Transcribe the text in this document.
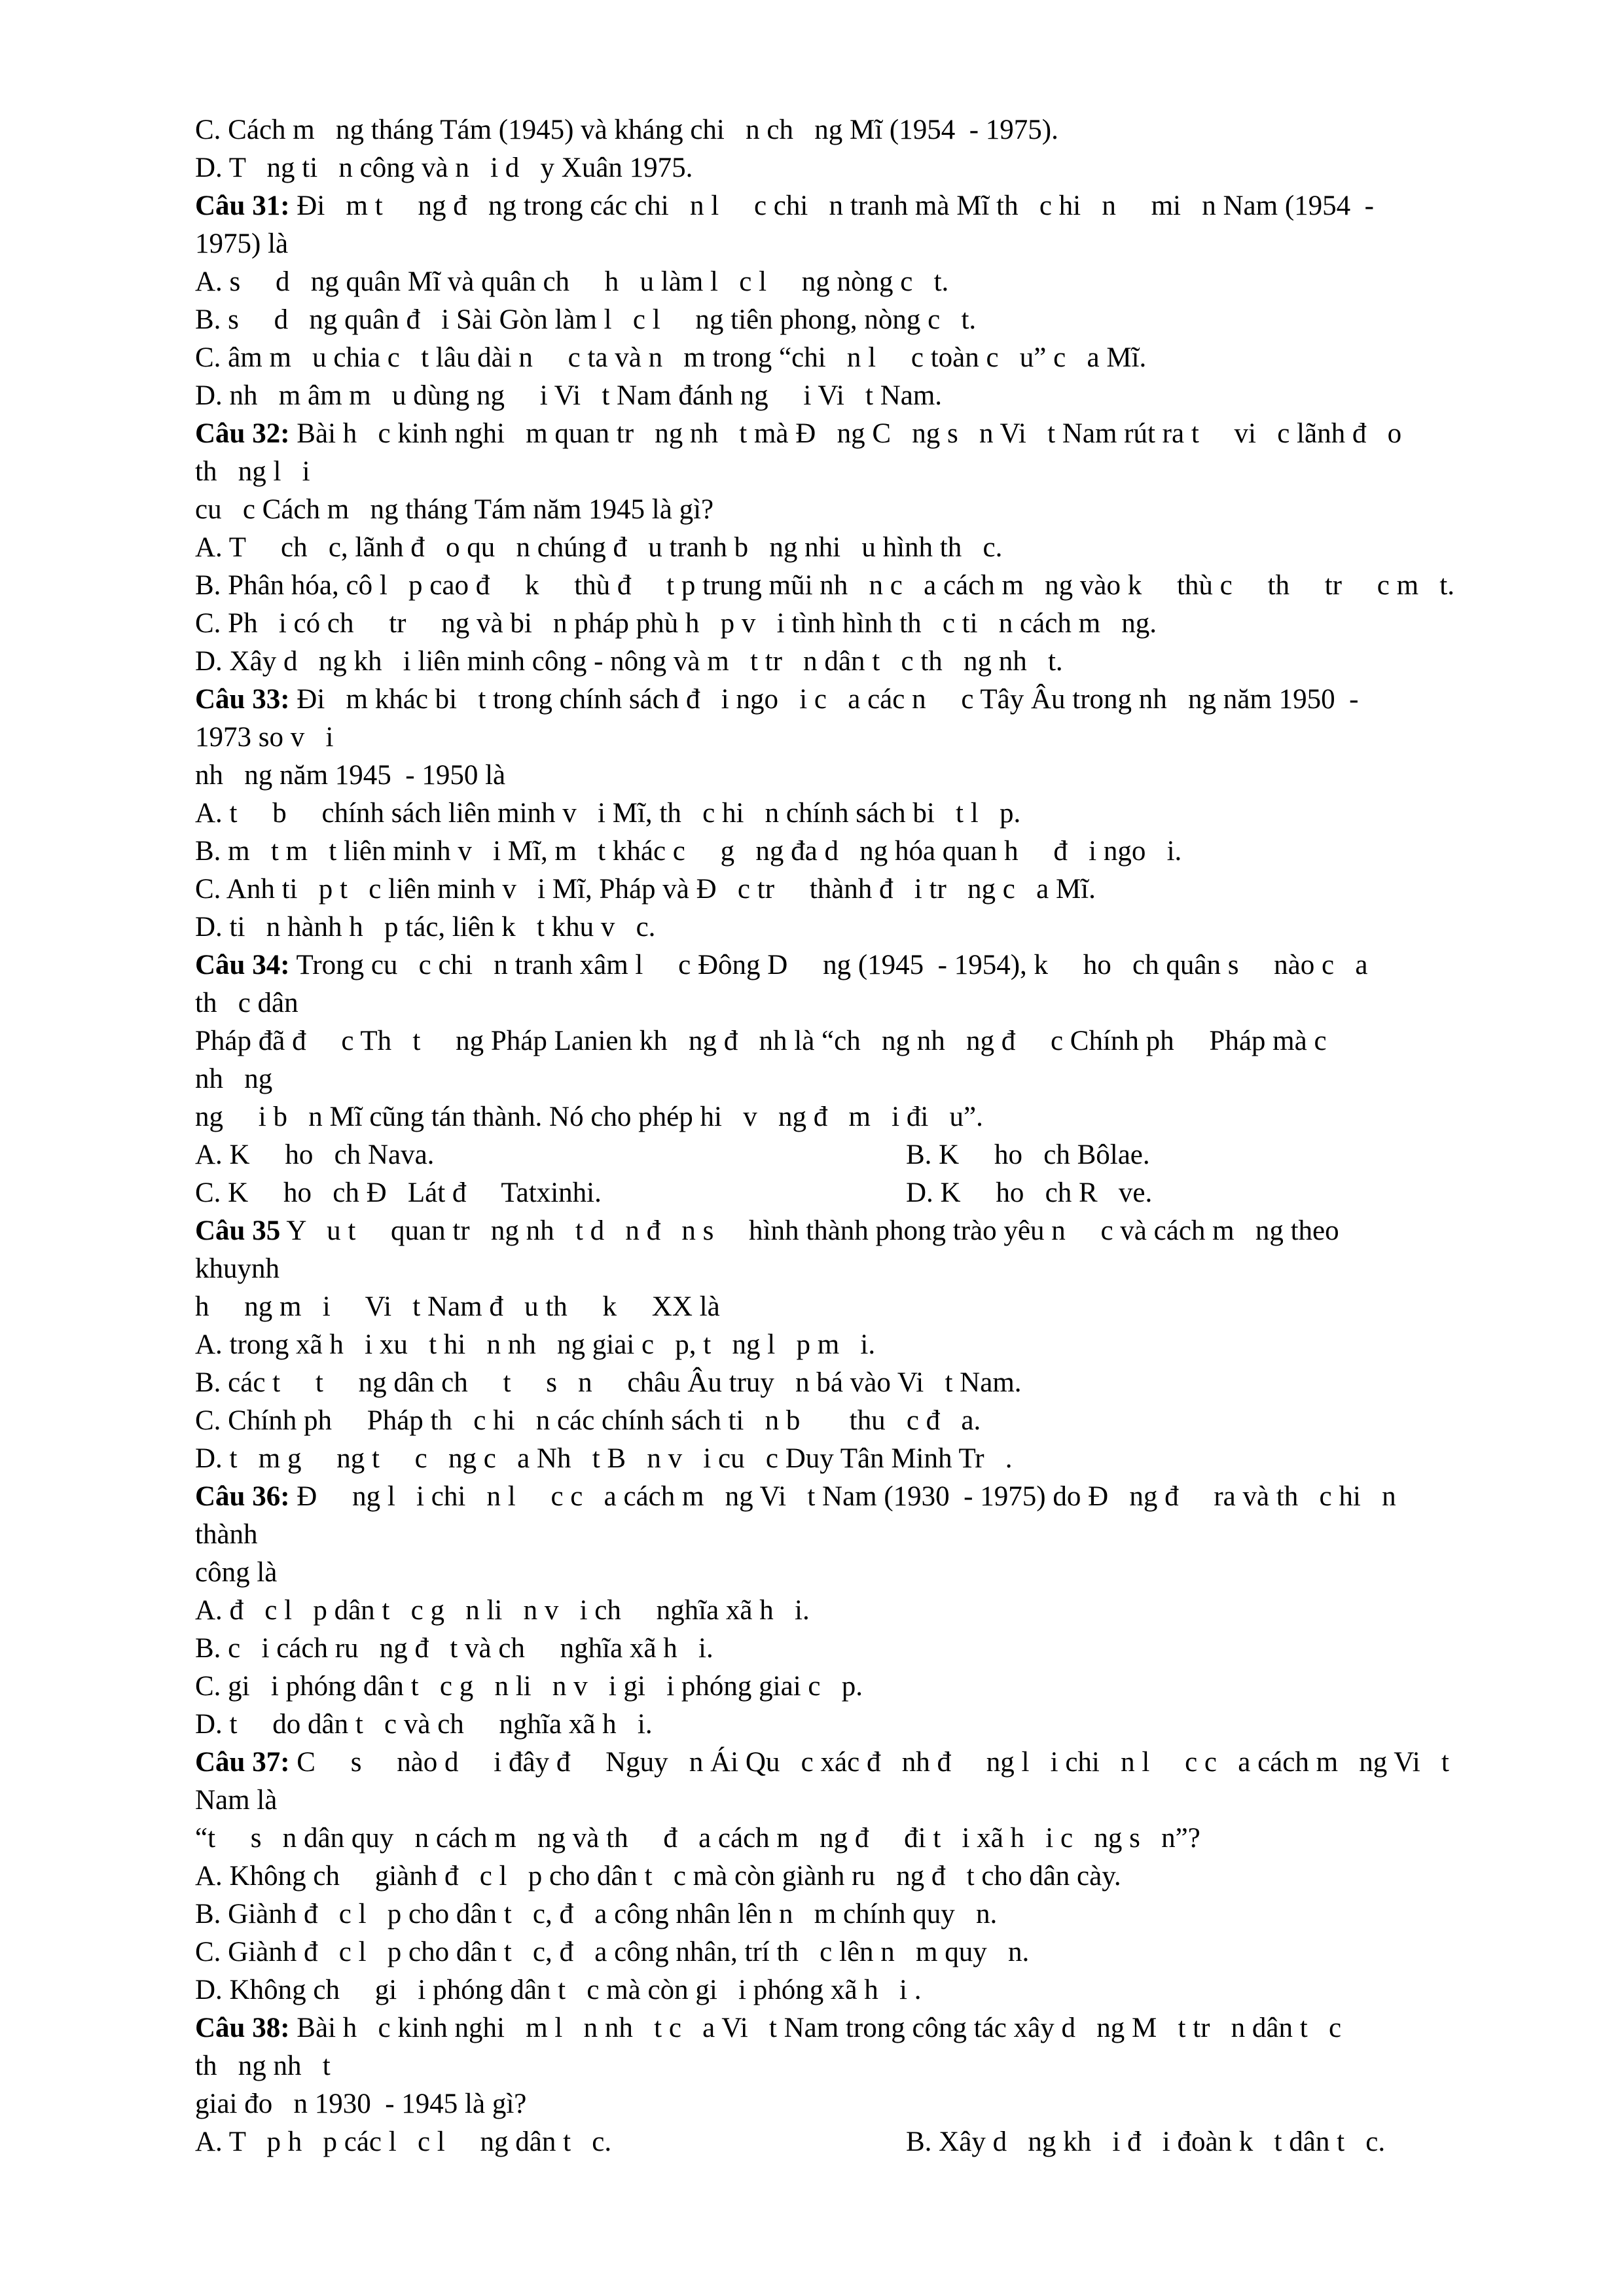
C. Cách m   ng tháng Tám (1945) và kháng chi   n ch   ng Mĩ (1954  - 1975).
D. T   ng ti   n công và n   i d   y Xuân 1975.
Câu 31: Đi   m t     ng đ   ng trong các chi   n l     c chi   n tranh mà Mĩ th   c hi   n     mi   n Nam (1954  -
1975) là
A. s     d   ng quân Mĩ và quân ch     h   u làm l   c l     ng nòng c   t.
B. s     d   ng quân đ   i Sài Gòn làm l   c l     ng tiên phong, nòng c   t.
C. âm m   u chia c   t lâu dài n     c ta và n   m trong “chi   n l     c toàn c   u” c   a Mĩ.
D. nh   m âm m   u dùng ng     i Vi   t Nam đánh ng     i Vi   t Nam.
Câu 32: Bài h   c kinh nghi   m quan tr   ng nh   t mà Đ   ng C   ng s   n Vi   t Nam rút ra t     vi   c lãnh đ   o
th   ng l   i
cu   c Cách m   ng tháng Tám năm 1945 là gì?
A. T     ch   c, lãnh đ   o qu   n chúng đ   u tranh b   ng nhi   u hình th   c.
B. Phân hóa, cô l   p cao đ     k     thù đ     t p trung mũi nh   n c   a cách m   ng vào k     thù c     th     tr     c m   t.
C. Ph   i có ch     tr     ng và bi   n pháp phù h   p v   i tình hình th   c ti   n cách m   ng.
D. Xây d   ng kh   i liên minh công - nông và m   t tr   n dân t   c th   ng nh   t.
Câu 33: Đi   m khác bi   t trong chính sách đ   i ngo   i c   a các n     c Tây Âu trong nh   ng năm 1950  -
1973 so v   i
nh   ng năm 1945  - 1950 là
A. t     b     chính sách liên minh v   i Mĩ, th   c hi   n chính sách bi   t l   p.
B. m   t m   t liên minh v   i Mĩ, m   t khác c     g   ng đa d   ng hóa quan h     đ   i ngo   i.
C. Anh ti   p t   c liên minh v   i Mĩ, Pháp và Đ   c tr     thành đ   i tr   ng c   a Mĩ.
D. ti   n hành h   p tác, liên k   t khu v   c.
Câu 34: Trong cu   c chi   n tranh xâm l     c Đông D     ng (1945  - 1954), k     ho   ch quân s     nào c   a
th   c dân
Pháp đã đ     c Th   t     ng Pháp Lanien kh   ng đ   nh là “ch   ng nh   ng đ     c Chính ph     Pháp mà c
nh   ng
ng     i b   n Mĩ cũng tán thành. Nó cho phép hi   v   ng đ   m   i đi   u”.
A. K     ho   ch Nava.	B. K     ho   ch Bôlae.
C. K     ho   ch Đ   Lát đ     Tatxinhi.	D. K     ho   ch R   ve.
Câu 35 Y   u t     quan tr   ng nh   t d   n đ   n s     hình thành phong trào yêu n     c và cách m   ng theo
khuynh
h     ng m   i     Vi   t Nam đ   u th     k     XX là
A. trong xã h   i xu   t hi   n nh   ng giai c   p, t   ng l   p m   i.
B. các t     t     ng dân ch     t     s   n     châu Âu truy   n bá vào Vi   t Nam.
C. Chính ph     Pháp th   c hi   n các chính sách ti   n b       thu   c đ   a.
D. t   m g     ng t     c   ng c   a Nh   t B   n v   i cu   c Duy Tân Minh Tr   .
Câu 36: Đ     ng l   i chi   n l     c c   a cách m   ng Vi   t Nam (1930  - 1975) do Đ   ng đ     ra và th   c hi   n
thành
công là
A. đ   c l   p dân t   c g   n li   n v   i ch     nghĩa xã h   i.
B. c   i cách ru   ng đ   t và ch     nghĩa xã h   i.
C. gi   i phóng dân t   c g   n li   n v   i gi   i phóng giai c   p.
D. t     do dân t   c và ch     nghĩa xã h   i.
Câu 37: C     s     nào d     i đây đ     Nguy   n Ái Qu   c xác đ   nh đ     ng l   i chi   n l     c c   a cách m   ng Vi   t
Nam là
“t     s   n dân quy   n cách m   ng và th     đ   a cách m   ng đ     đi t   i xã h   i c   ng s   n”?
A. Không ch     giành đ   c l   p cho dân t   c mà còn giành ru   ng đ   t cho dân cày.
B. Giành đ   c l   p cho dân t   c, đ   a công nhân lên n   m chính quy   n.
C. Giành đ   c l   p cho dân t   c, đ   a công nhân, trí th   c lên n   m quy   n.
D. Không ch     gi   i phóng dân t   c mà còn gi   i phóng xã h   i .
Câu 38: Bài h   c kinh nghi   m l   n nh   t c   a Vi   t Nam trong công tác xây d   ng M   t tr   n dân t   c
th   ng nh   t
giai đo   n 1930  - 1945 là gì?
A. T   p h   p các l   c l     ng dân t   c.	B. Xây d   ng kh   i đ   i đoàn k   t dân t   c.
